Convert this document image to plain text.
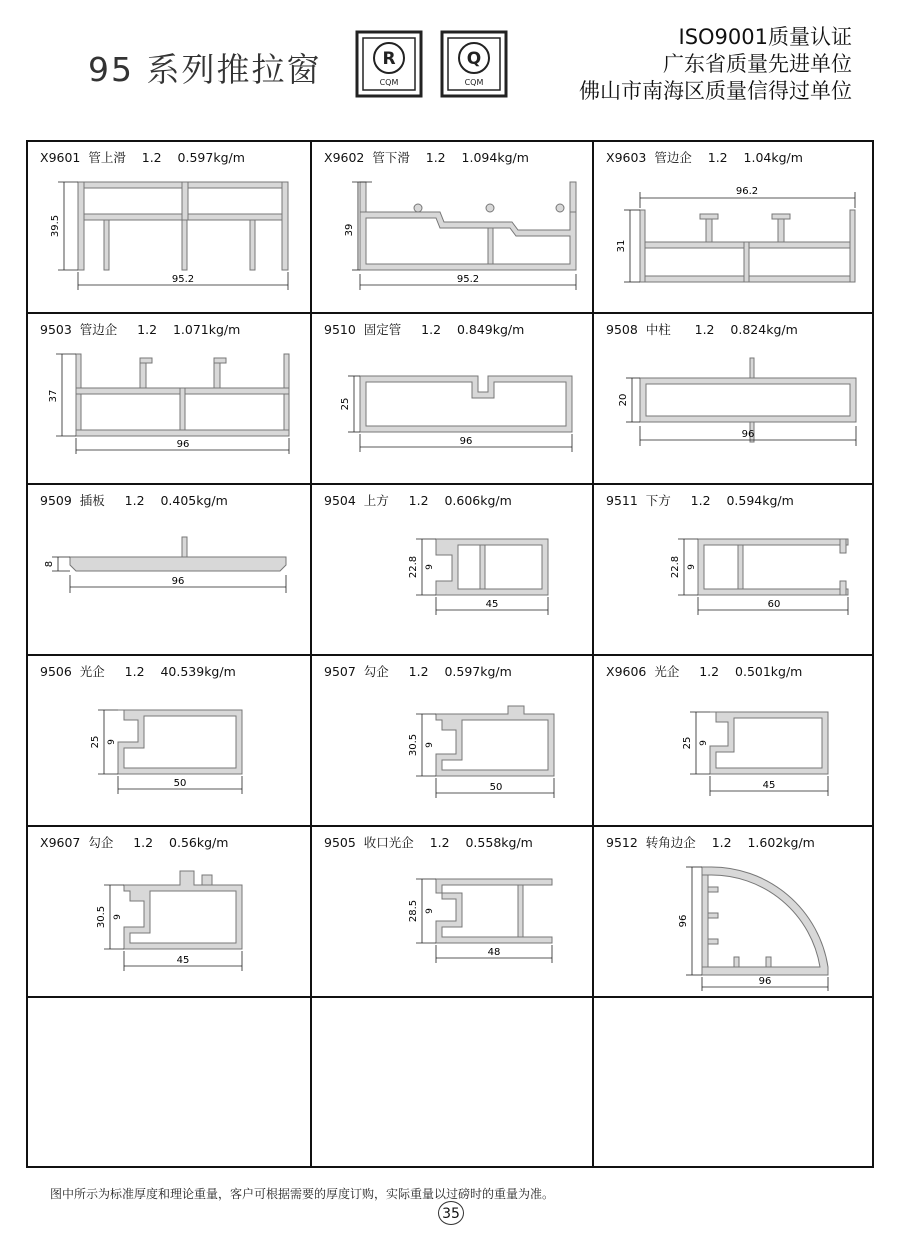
95 系列推拉窗	R
CQM
Q
CQM
ISO9001质量认证
广东省质量先进单位
佛山市南海区质量信得过单位
X9601 管上滑 1.2 0.597kg/m
39.5
95.2
X9602 管下滑 1.2 1.094kg/m
39
95.2
X9603 管边企 1.2 1.04kg/m
31
96.2
9503 管边企 1.2 1.071kg/m
37
96
9510 固定管 1.2 0.849kg/m
25
96
9508 中柱 1.2 0.824kg/m
20
96
9509 插板 1.2 0.405kg/m
8
96
9504 上方 1.2 0.606kg/m
22.8 9
45
9511 下方 1.2 0.594kg/m
22.8 9
60
9506 光企 1.2 40.539kg/m
25 9
50
9507 勾企 1.2 0.597kg/m
30.5 9
50
X9606 光企 1.2 0.501kg/m
25 9
45
X9607 勾企 1.2 0.56kg/m
30.5 9
45
9505 收口光企 1.2 0.558kg/m
28.5 9
48
9512 转角边企 1.2 1.602kg/m
96
96
图中所示为标准厚度和理论重量，客户可根据需要的厚度订购，实际重量以过磅时的重量为准。
35
